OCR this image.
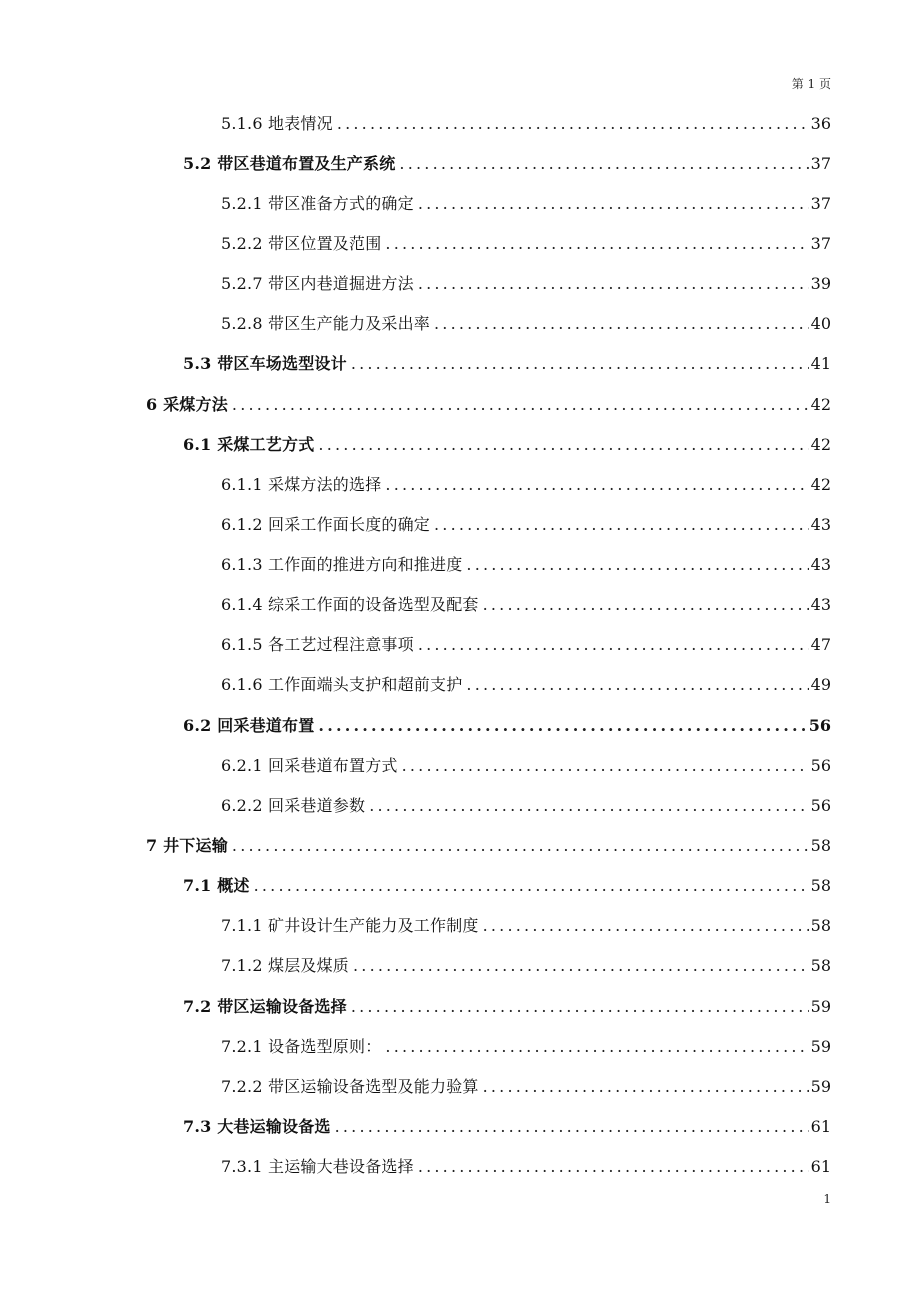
第 1 页
5.1.6 地表情况 .....	36
5.2 带区巷道布置及生产系统 .....	37
5.2.1 带区准备方式的确定 .....	37
5.2.2 带区位置及范围 .....	37
5.2.7 带区内巷道掘进方法 .....	39
5.2.8 带区生产能力及采出率 .....	40
5.3 带区车场选型设计 .....	41
6 采煤方法 .....	42
6.1 采煤工艺方式 .....	42
6.1.1 采煤方法的选择 .....	42
6.1.2 回采工作面长度的确定 .....	43
6.1.3 工作面的推进方向和推进度 .....	43
6.1.4 综采工作面的设备选型及配套 .....	43
6.1.5 各工艺过程注意事项 .....	47
6.1.6 工作面端头支护和超前支护 .....	49
6.2 回采巷道布置 .....	56
6.2.1 回采巷道布置方式 .....	56
6.2.2 回采巷道参数 .....	56
7 井下运输 .....	58
7.1 概述 .....	58
7.1.1 矿井设计生产能力及工作制度 .....	58
7.1.2 煤层及煤质 .....	58
7.2 带区运输设备选择 .....	59
7.2.1 设备选型原则： .....	59
7.2.2 带区运输设备选型及能力验算 .....	59
7.3 大巷运输设备选 .....	61
7.3.1 主运输大巷设备选择 .....	61
1
